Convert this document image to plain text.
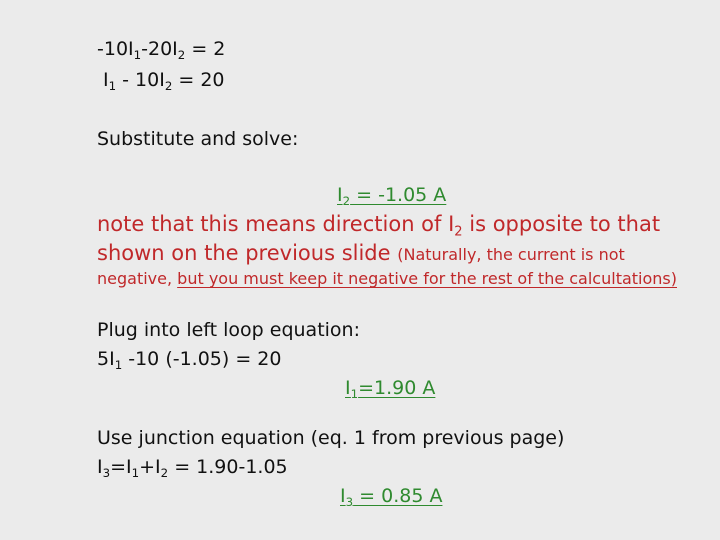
$-10I_1-20I_2 = 2$
$I_1 - 10I_2 = 20$
Substitute and solve:
$I_2 = -1.05$ A
note that this means direction of $I_2$ is opposite to that
shown on the previous slide (Naturally, the current is not
negative, but you must keep it negative for the rest of the calcultations)
Plug into left loop equation:
$5I_1$ -10 (-1.05) = 20
$I_1=1.90$ A
Use junction equation (eq. 1 from previous page)
$I_3=I_1+I_2 = 1.90-1.05$
$I_3 = 0.85$ A
